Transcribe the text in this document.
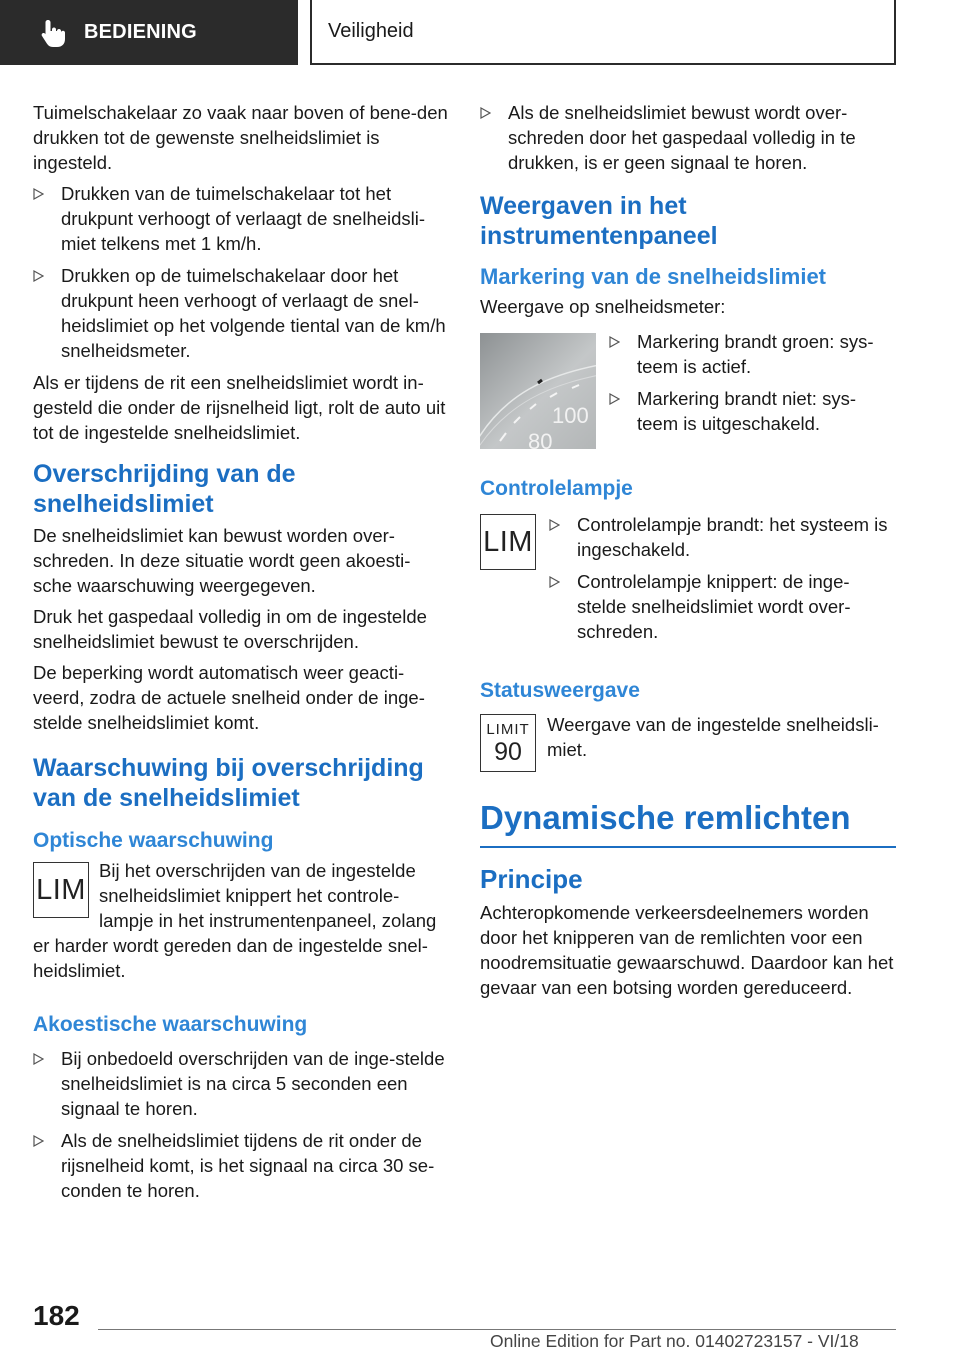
BEDIENING	Veiligheid

Tuimelschakelaar zo vaak naar boven of bene-den drukken tot de gewenste snelheidslimiet is ingesteld.

Drukken van de tuimelschakelaar tot het drukpunt verhoogt of verlaagt de snelheidsli-miet telkens met 1 km/h.
Drukken op de tuimelschakelaar door het drukpunt heen verhoogt of verlaagt de snel-heidslimiet op het volgende tiental van de km/h snelheidsmeter.

Als er tijdens de rit een snelheidslimiet wordt in-gesteld die onder de rijsnelheid ligt, rolt de auto uit tot de ingestelde snelheidslimiet.

Overschrijding van de snelheidslimiet

De snelheidslimiet kan bewust worden over-schreden. In deze situatie wordt geen akoesti-sche waarschuwing weergegeven.

Druk het gaspedaal volledig in om de ingestelde snelheidslimiet bewust te overschrijden.

De beperking wordt automatisch weer geacti-veerd, zodra de actuele snelheid onder de inge-stelde snelheidslimiet komt.

Waarschuwing bij overschrijding van de snelheidslimiet
Optische waarschuwing
LIM

Bij het overschrijden van de ingestelde snelheidslimiet knippert het controle-lampje in het instrumentenpaneel, zolang

er harder wordt gereden dan de ingestelde snel-heidslimiet.

Akoestische waarschuwing
Bij onbedoeld overschrijden van de inge-stelde snelheidslimiet is na circa 5 seconden een signaal te horen.
Als de snelheidslimiet tijdens de rit onder de rijsnelheid komt, is het signaal na circa 30 se-conden te horen.
Als de snelheidslimiet bewust wordt over-schreden door het gaspedaal volledig in te drukken, is er geen signaal te horen.
Weergaven in het instrumentenpaneel
Markering van de snelheidslimiet

Weergave op snelheidsmeter:

100
80
Markering brandt groen: sys-teem is actief.
Markering brandt niet: sys-teem is uitgeschakeld.
Controlelampje
LIM
Controlelampje brandt: het systeem is ingeschakeld.
Controlelampje knippert: de inge-stelde snelheidslimiet wordt over-schreden.
Statusweergave
LIMIT
90

Weergave van de ingestelde snelheidsli-miet.

Dynamische remlichten
Principe

Achteropkomende verkeersdeelnemers worden door het knipperen van de remlichten voor een noodremsituatie gewaarschuwd. Daardoor kan het gevaar van een botsing worden gereduceerd.

182
Online Edition for Part no. 01402723157 - VI/18
